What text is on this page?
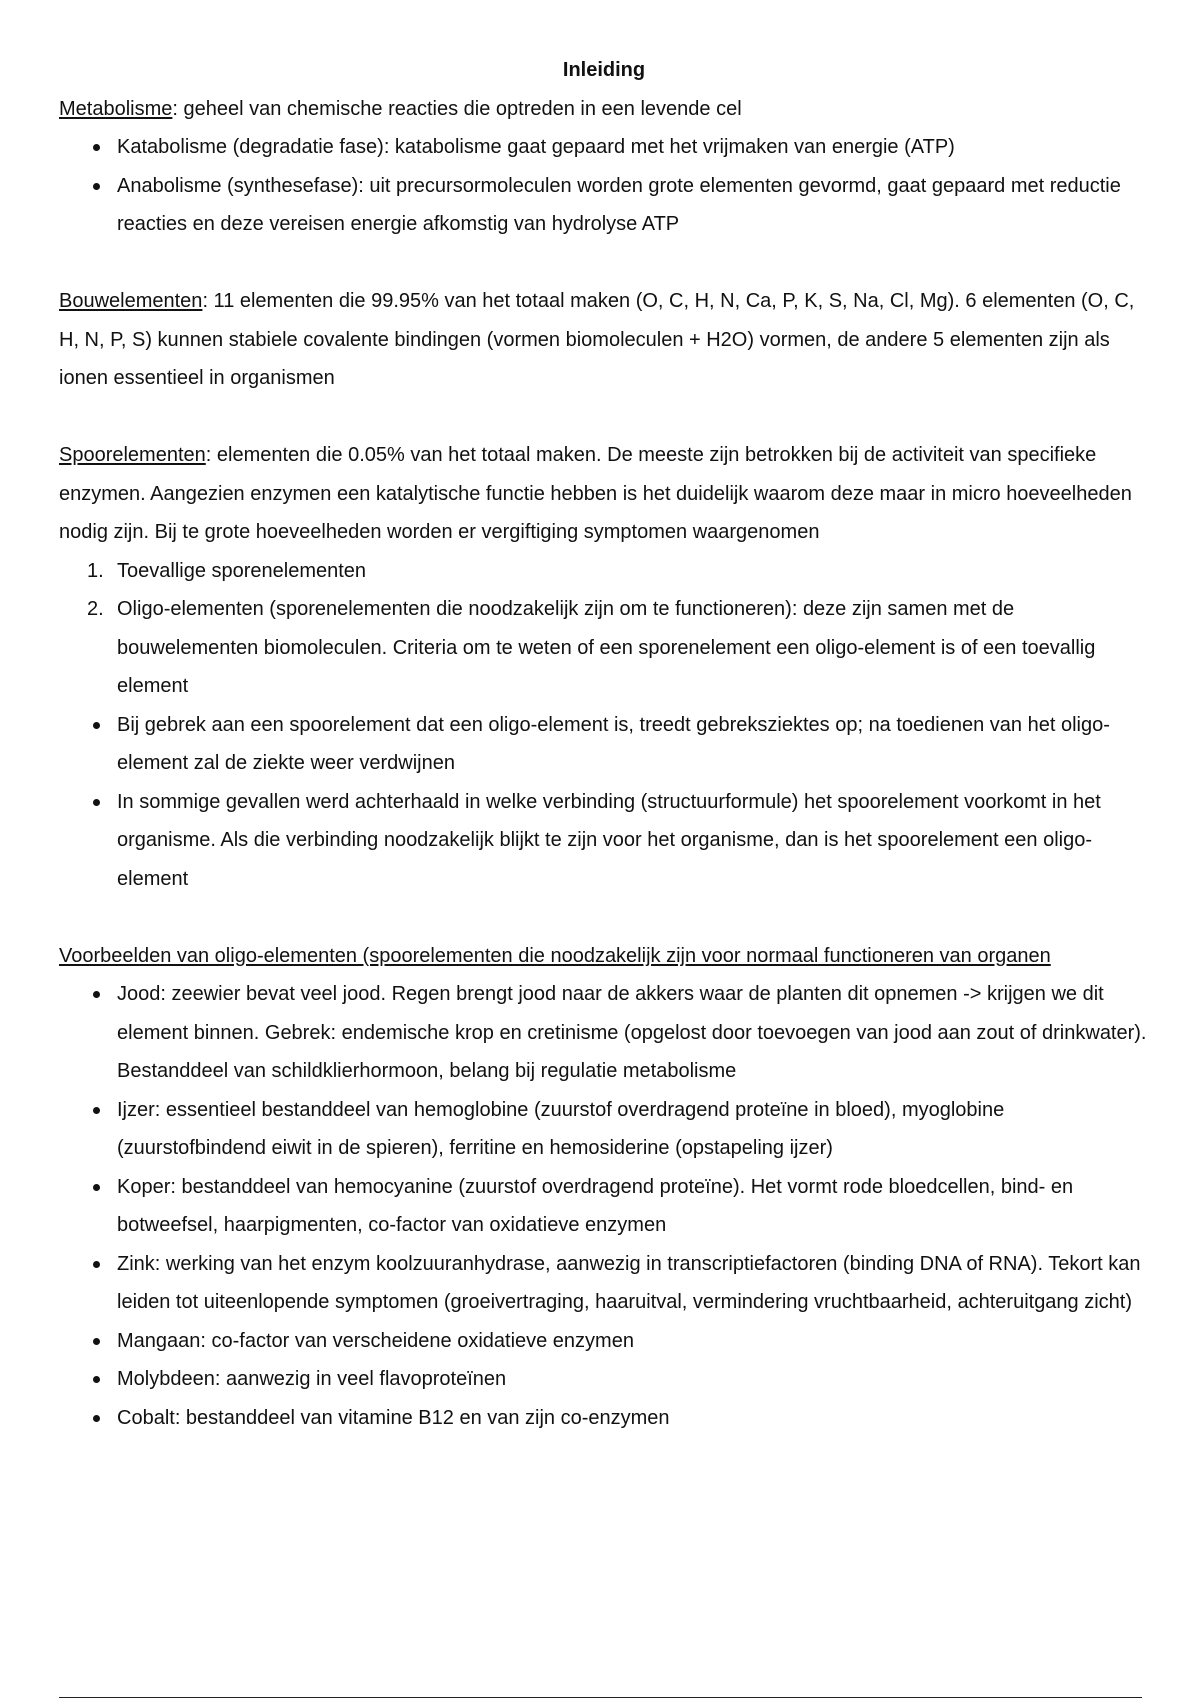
Inleiding

Metabolisme: geheel van chemische reacties die optreden in een levende cel

Katabolisme (degradatie fase): katabolisme gaat gepaard met het vrijmaken van energie (ATP)
Anabolisme (synthesefase): uit precursormoleculen worden grote elementen gevormd, gaat gepaard met reductie reacties en deze vereisen energie afkomstig van hydrolyse ATP

Bouwelementen: 11 elementen die 99.95% van het totaal maken (O, C, H, N, Ca, P, K, S, Na, Cl, Mg). 6 elementen (O, C, H, N, P, S) kunnen stabiele covalente bindingen (vormen biomoleculen + H2O) vormen, de andere 5 elementen zijn als ionen essentieel in organismen

Spoorelementen: elementen die 0.05% van het totaal maken. De meeste zijn betrokken bij de activiteit van specifieke enzymen. Aangezien enzymen een katalytische functie hebben is het duidelijk waarom deze maar in micro hoeveelheden nodig zijn. Bij te grote hoeveelheden worden er vergiftiging symptomen waargenomen

1. Toevallige sporenelementen
2. Oligo-elementen (sporenelementen die noodzakelijk zijn om te functioneren): deze zijn samen met de bouwelementen biomoleculen. Criteria om te weten of een sporenelement een oligo-element is of een toevallig element
Bij gebrek aan een spoorelement dat een oligo-element is, treedt gebreksziektes op; na toedienen van het oligo-element zal de ziekte weer verdwijnen
In sommige gevallen werd achterhaald in welke verbinding (structuurformule) het spoorelement voorkomt in het organisme. Als die verbinding noodzakelijk blijkt te zijn voor het organisme, dan is het spoorelement een oligo-element

Voorbeelden van oligo-elementen (spoorelementen die noodzakelijk zijn voor normaal functioneren van organen

Jood: zeewier bevat veel jood. Regen brengt jood naar de akkers waar de planten dit opnemen -> krijgen we dit element binnen. Gebrek: endemische krop en cretinisme (opgelost door toevoegen van jood aan zout of drinkwater). Bestanddeel van schildklierhormoon, belang bij regulatie metabolisme
Ijzer: essentieel bestanddeel van hemoglobine (zuurstof overdragend proteïne in bloed), myoglobine (zuurstofbindend eiwit in de spieren), ferritine en hemosiderine (opstapeling ijzer)
Koper: bestanddeel van hemocyanine (zuurstof overdragend proteïne). Het vormt rode bloedcellen, bind- en botweefsel, haarpigmenten, co-factor van oxidatieve enzymen
Zink: werking van het enzym koolzuuranhydrase, aanwezig in transcriptiefactoren (binding DNA of RNA). Tekort kan leiden tot uiteenlopende symptomen (groeivertraging, haaruitval, vermindering vruchtbaarheid, achteruitgang zicht)
Mangaan: co-factor van verscheidene oxidatieve enzymen
Molybdeen: aanwezig in veel flavoproteïnen
Cobalt: bestanddeel van vitamine B12 en van zijn co-enzymen
